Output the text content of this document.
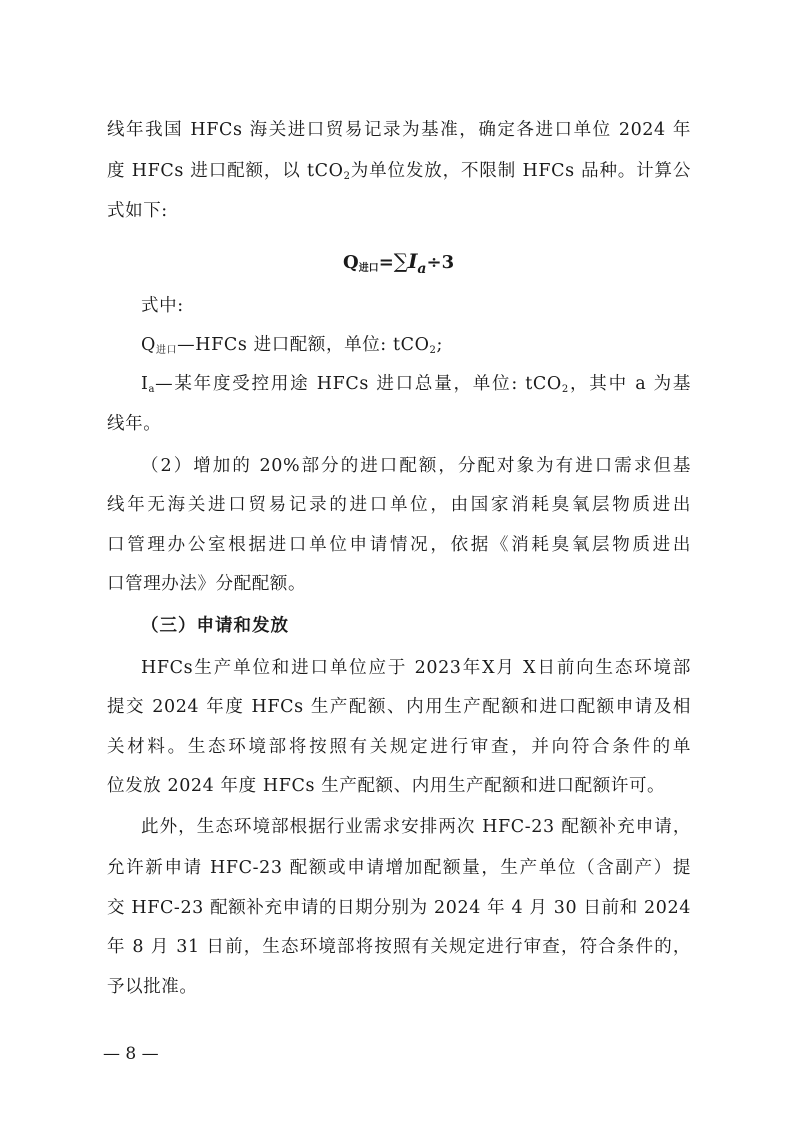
线年我国 HFCs 海关进口贸易记录为基准，确定各进口单位 2024 年
度 HFCs 进口配额，以 tCO2为单位发放，不限制 HFCs 品种。计算公
式如下:
Q进口$=\sum I_a\div 3$
式中:
Q进口—HFCs 进口配额，单位: tCO2;
Ia—某年度受控用途 HFCs 进口总量，单位: tCO2，其中 a 为基
线年。
（2）增加的 20%部分的进口配额，分配对象为有进口需求但基
线年无海关进口贸易记录的进口单位，由国家消耗臭氧层物质进出
口管理办公室根据进口单位申请情况，依据《消耗臭氧层物质进出
口管理办法》分配配额。
（三）申请和发放
HFCs生产单位和进口单位应于 2023年X月 X日前向生态环境部
提交 2024 年度 HFCs 生产配额、内用生产配额和进口配额申请及相
关材料。生态环境部将按照有关规定进行审查，并向符合条件的单
位发放 2024 年度 HFCs 生产配额、内用生产配额和进口配额许可。
此外，生态环境部根据行业需求安排两次 HFC-23 配额补充申请，
允许新申请 HFC-23 配额或申请增加配额量，生产单位（含副产）提
交 HFC-23 配额补充申请的日期分别为 2024 年 4 月 30 日前和 2024
年 8 月 31 日前，生态环境部将按照有关规定进行审查，符合条件的，
予以批准。
— 8 —
